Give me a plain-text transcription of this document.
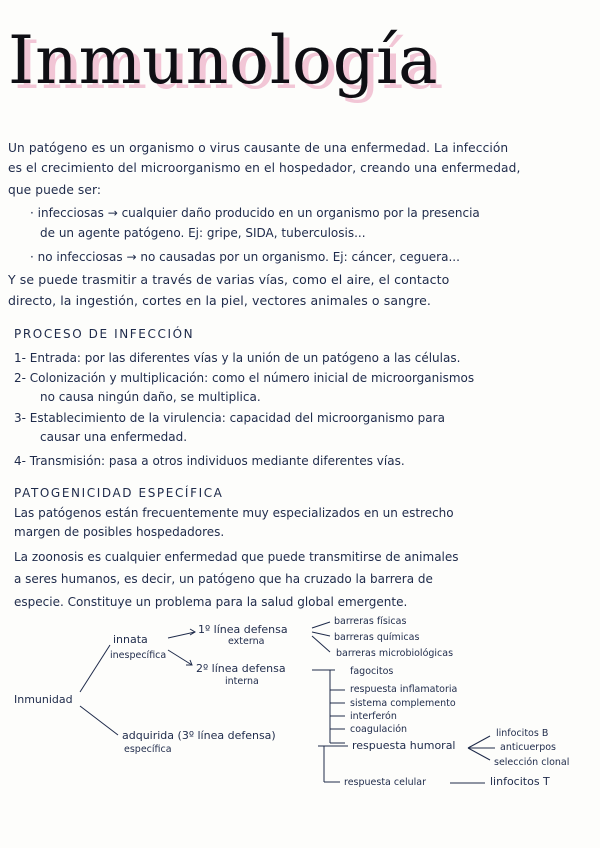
Inmunología
Un patógeno es un organismo o virus causante de una enfermedad. La infección
es el crecimiento del microorganismo en el hospedador, creando una enfermedad,
que puede ser:
· infecciosas → cualquier daño producido en un organismo por la presencia
de un agente patógeno. Ej: gripe, SIDA, tuberculosis...
· no infecciosas → no causadas por un organismo. Ej: cáncer, ceguera...
Y se puede trasmitir a través de varias vías, como el aire, el contacto
directo, la ingestión, cortes en la piel, vectores animales o sangre.
PROCESO DE INFECCIÓN
1- Entrada: por las diferentes vías y la unión de un patógeno a las células.
2- Colonización y multiplicación: como el número inicial de microorganismos
no causa ningún daño, se multiplica.
3- Establecimiento de la virulencia: capacidad del microorganismo para
causar una enfermedad.
4- Transmisión: pasa a otros individuos mediante diferentes vías.
PATOGENICIDAD ESPECÍFICA
Las patógenos están frecuentemente muy especializados en un estrecho
margen de posibles hospedadores.
La zoonosis es cualquier enfermedad que puede transmitirse de animales
a seres humanos, es decir, un patógeno que ha cruzado la barrera de
especie. Constituye un problema para la salud global emergente.
Inmunidad
innata
inespecífica
1º línea defensa
externa
barreras físicas
barreras químicas
barreras microbiológicas
2º línea defensa
interna
fagocitos
respuesta inflamatoria
sistema complemento
interferón
coagulación
adquirida (3º línea defensa)
específica	respuesta humoral
linfocitos B
anticuerpos
selección clonal
respuesta celular	linfocitos T
